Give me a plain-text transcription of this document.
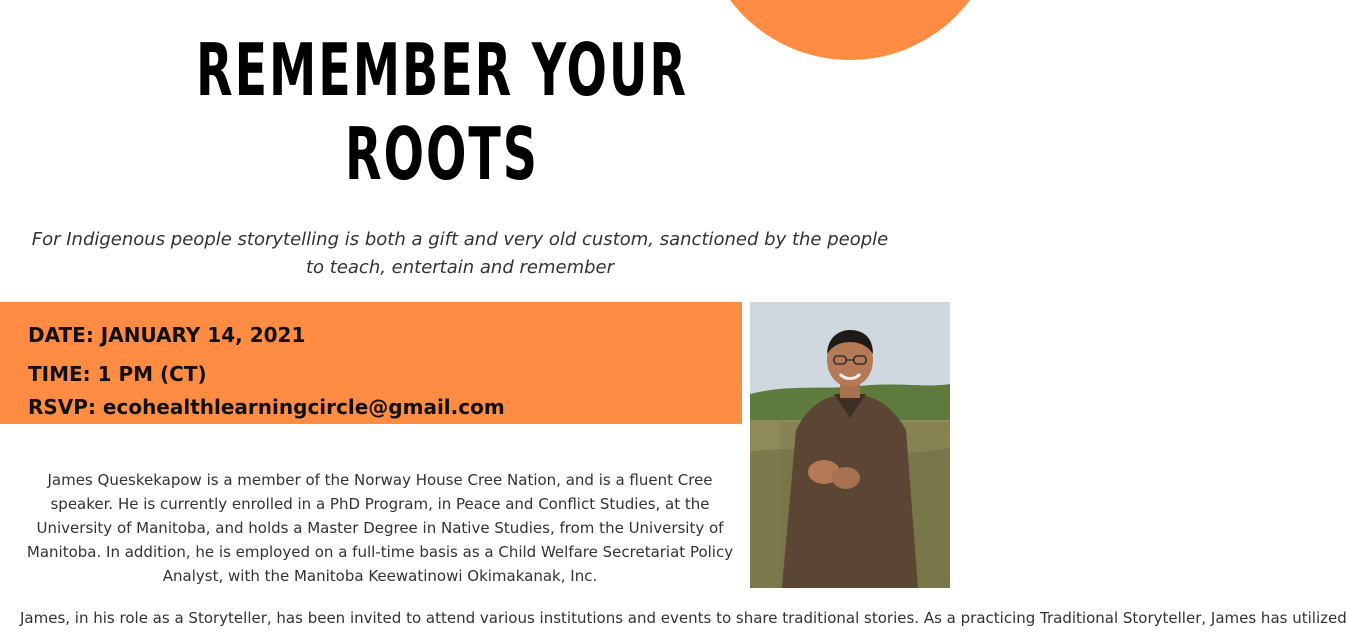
REMEMBER YOUR
ROOTS

For Indigenous people storytelling is both a gift and very old custom, sanctioned by the people to teach, entertain and remember

DATE: JANUARY 14, 2021

TIME: 1 PM (CT)

RSVP: ecohealthlearningcircle@gmail.com

James Queskekapow is a member of the Norway House Cree Nation, and is a fluent Cree speaker. He is currently enrolled in a PhD Program, in Peace and Conflict Studies, at the University of Manitoba, and holds a Master Degree in Native Studies, from the University of Manitoba. In addition, he is employed on a full-time basis as a Child Welfare Secretariat Policy Analyst, with the Manitoba Keewatinowi Okimakanak, Inc.

James, in his role as a Storyteller, has been invited to attend various institutions and events to share traditional stories. As a practicing Traditional Storyteller, James has utilized
